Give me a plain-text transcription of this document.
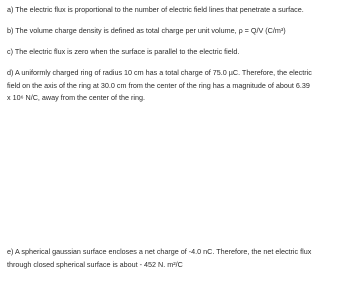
a) The electric flux is proportional to the number of electric field lines that penetrate a surface.
b) The volume charge density is defined as total charge per unit volume, ρ = Q/V (C/m³)
c) The electric flux is zero when the surface is parallel to the electric field.
d) A uniformly charged ring of radius 10 cm has a total charge of 75.0 µC. Therefore, the electric
field on the axis of the ring at 30.0 cm from the center of the ring has a magnitude of about 6.39
x 10⁶ N/C, away from the center of the ring.
e) A spherical gaussian surface encloses a net charge of -4.0 nC. Therefore, the net electric flux
through closed spherical surface is about - 452 N. m²/C
